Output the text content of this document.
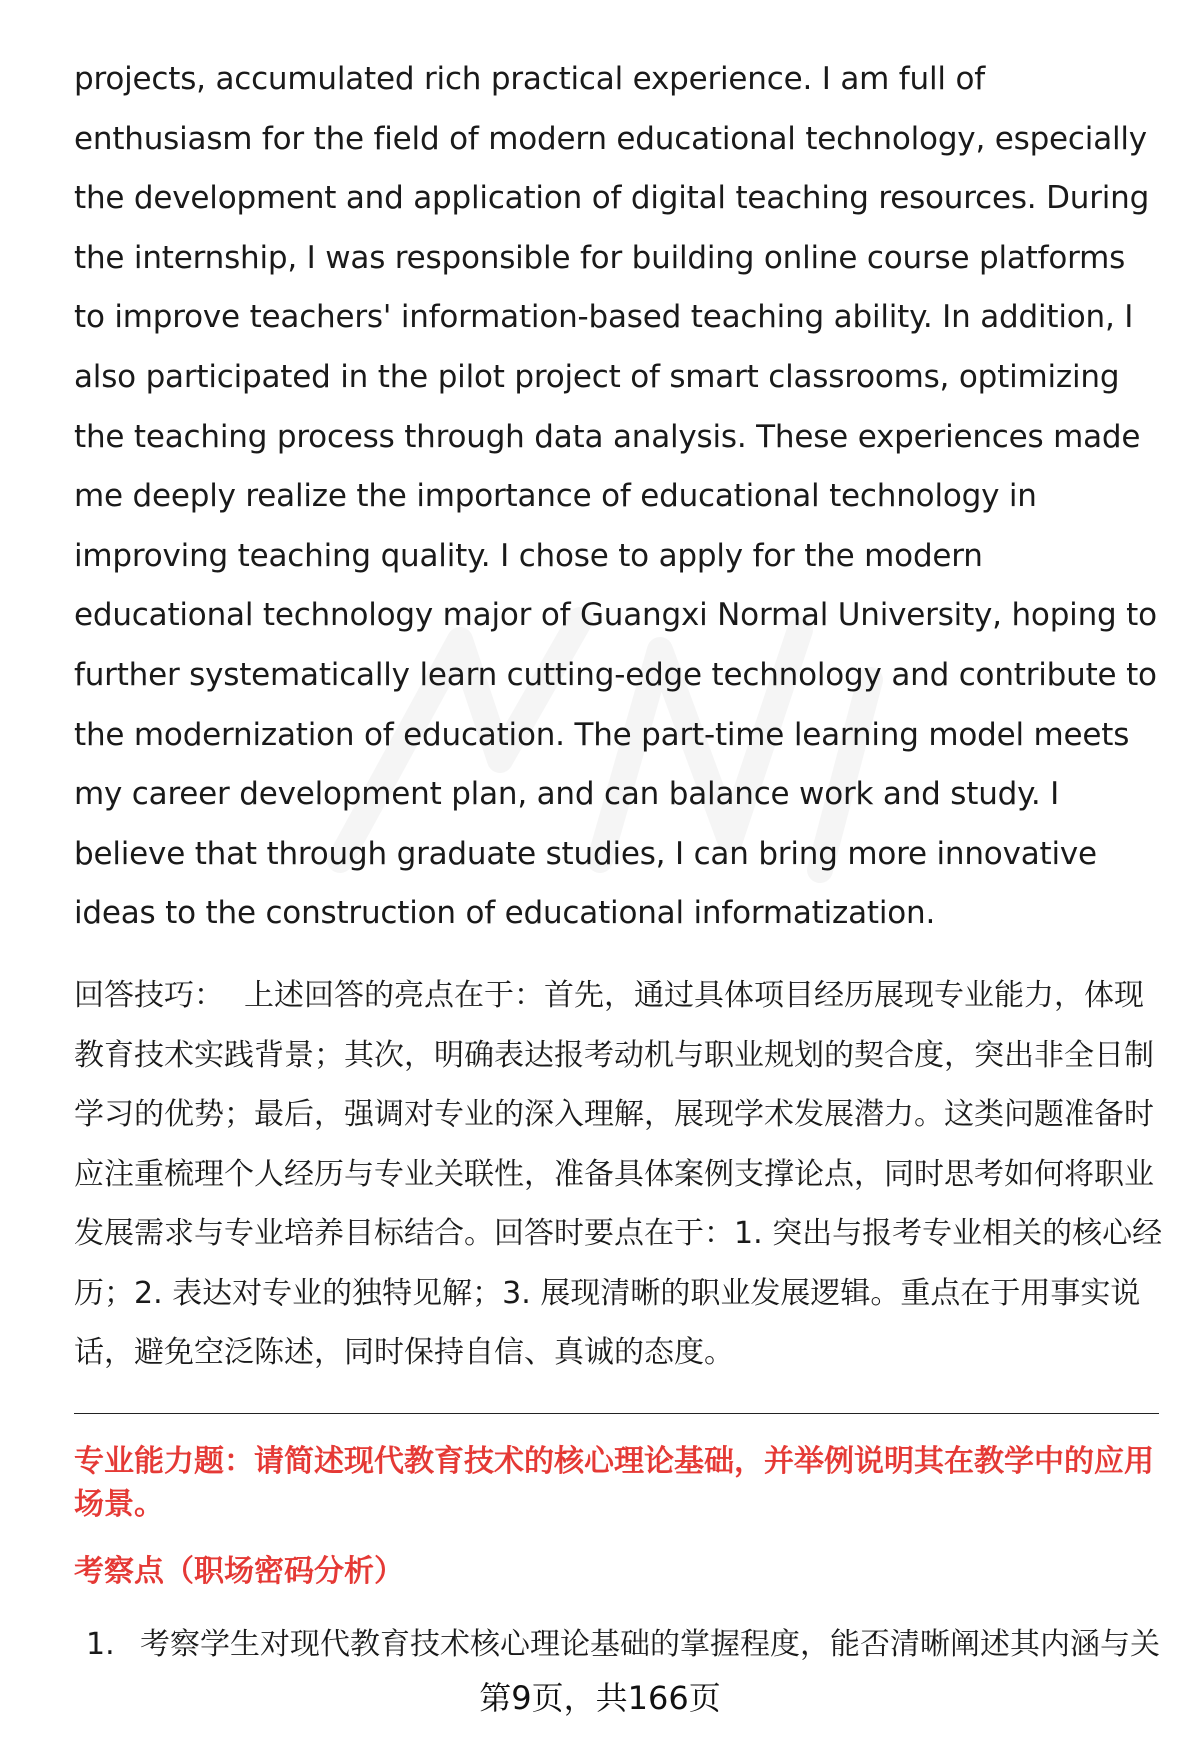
projects, accumulated rich practical experience. I am full of enthusiasm for the field of modern educational technology, especially the development and application of digital teaching resources. During the internship, I was responsible for building online course platforms to improve teachers' information-based teaching ability. In addition, I also participated in the pilot project of smart classrooms, optimizing the teaching process through data analysis. These experiences made me deeply realize the importance of educational technology in improving teaching quality. I chose to apply for the modern educational technology major of Guangxi Normal University, hoping to further systematically learn cutting-edge technology and contribute to the modernization of education. The part-time learning model meets my career development plan, and can balance work and study. I believe that through graduate studies, I can bring more innovative ideas to the construction of educational informatization.

回答技巧： 上述回答的亮点在于：首先，通过具体项目经历展现专业能力，体现教育技术实践背景；其次，明确表达报考动机与职业规划的契合度，突出非全日制学习的优势；最后，强调对专业的深入理解，展现学术发展潜力。这类问题准备时应注重梳理个人经历与专业关联性，准备具体案例支撑论点，同时思考如何将职业发展需求与专业培养目标结合。回答时要点在于：1. 突出与报考专业相关的核心经历；2. 表达对专业的独特见解；3. 展现清晰的职业发展逻辑。重点在于用事实说话，避免空泛陈述，同时保持自信、真诚的态度。

专业能力题：请简述现代教育技术的核心理论基础，并举例说明其在教学中的应用场景。

考察点（职场密码分析）

1. 考察学生对现代教育技术核心理论基础的掌握程度，能否清晰阐述其内涵与关
第9页，共166页
